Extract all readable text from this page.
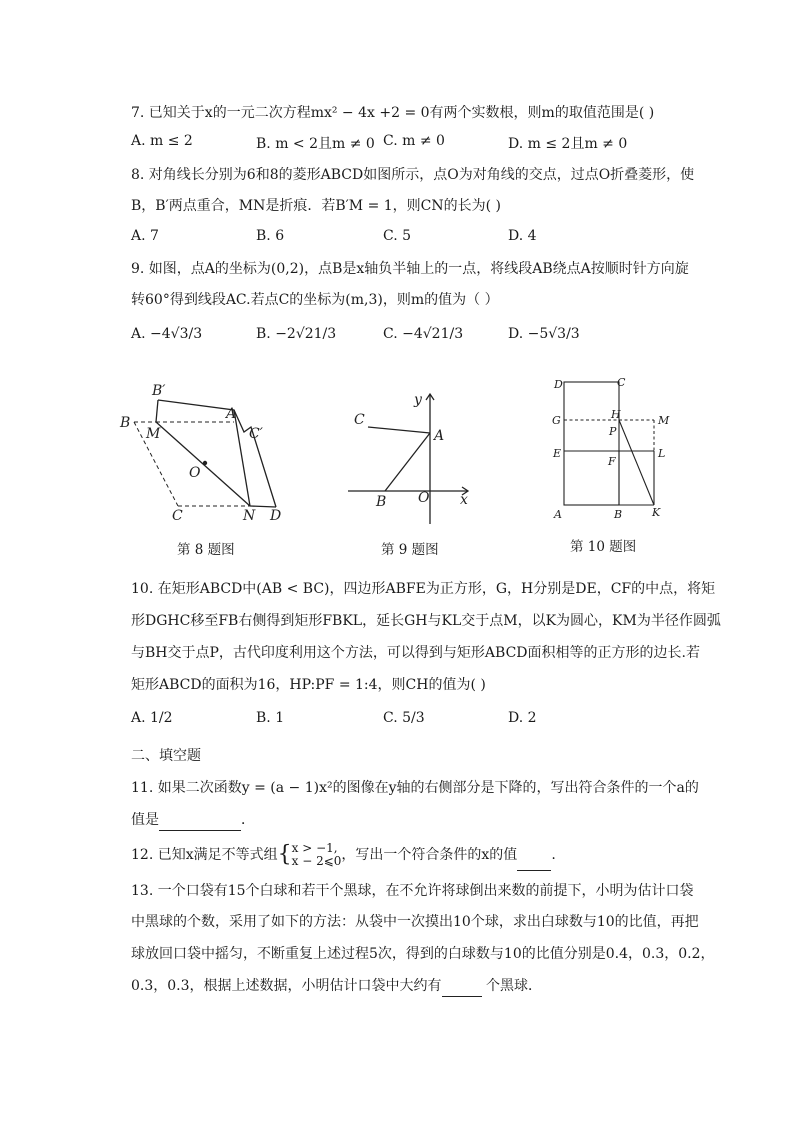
7. 已知关于x的一元二次方程mx² − 4x +2 = 0有两个实数根，则m的取值范围是( )
A. m ≤ 2	B. m < 2且m ≠ 0 C. m ≠ 0	D. m ≤ 2且m ≠ 0
8. 对角线长分别为6和8的菱形ABCD如图所示，点O为对角线的交点，过点O折叠菱形，使
B，B′两点重合，MN是折痕．若B′M = 1，则CN的长为( )
A. 7	B. 6	C. 5	D. 4
9. 如图，点A的坐标为(0,2)，点B是x轴负半轴上的一点，将线段AB绕点A按顺时针方向旋
转60°得到线段AC.若点C的坐标为(m,3)，则m的值为（ ）
A. −4√3/3	B. −2√21/3	C. −4√21/3	D. −5√3/3
B′
A
B
M	C′
O
C	N D
第 8 题图
y
C
A
B O x
第 9 题图
D	C
H
G	M
P
E
F
L
A	B	K
第 10 题图
10. 在矩形ABCD中(AB < BC)，四边形ABFE为正方形，G，H分别是DE，CF的中点，将矩
形DGHC移至FB右侧得到矩形FBKL，延长GH与KL交于点M，以K为圆心，KM为半径作圆弧
与BH交于点P，古代印度利用这个方法，可以得到与矩形ABCD面积相等的正方形的边长.若
矩形ABCD的面积为16，HP:PF = 1:4，则CH的值为( )
A. 1/2	B. 1	C. 5/3	D. 2
二、填空题
11. 如果二次函数y = (a − 1)x²的图像在y轴的右侧部分是下降的，写出符合条件的一个a的
值是	．
12. 已知x满足不等式组{ x > −1,
x − 2⩽0 ，写出一个符合条件的x的值 .
13. 一个口袋有15个白球和若干个黑球，在不允许将球倒出来数的前提下，小明为估计口袋
中黑球的个数，采用了如下的方法：从袋中一次摸出10个球，求出白球数与10的比值，再把
球放回口袋中摇匀，不断重复上述过程5次，得到的白球数与10的比值分别是0.4，0.3，0.2，
0.3，0.3，根据上述数据，小明估计口袋中大约有	个黑球．
